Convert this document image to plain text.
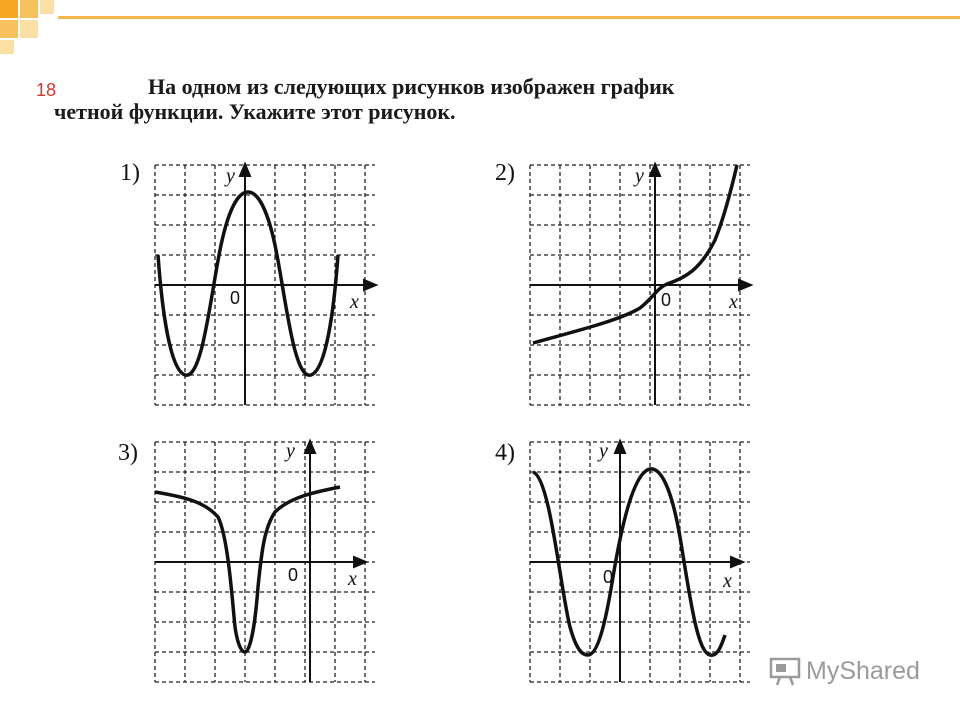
18	На одном из следующих рисунков изображен график
четной функции. Укажите этот рисунок.
1)	2)
3)	4)
x
y
0	x
y
0
x
y
0	x
y
0
MyShared
